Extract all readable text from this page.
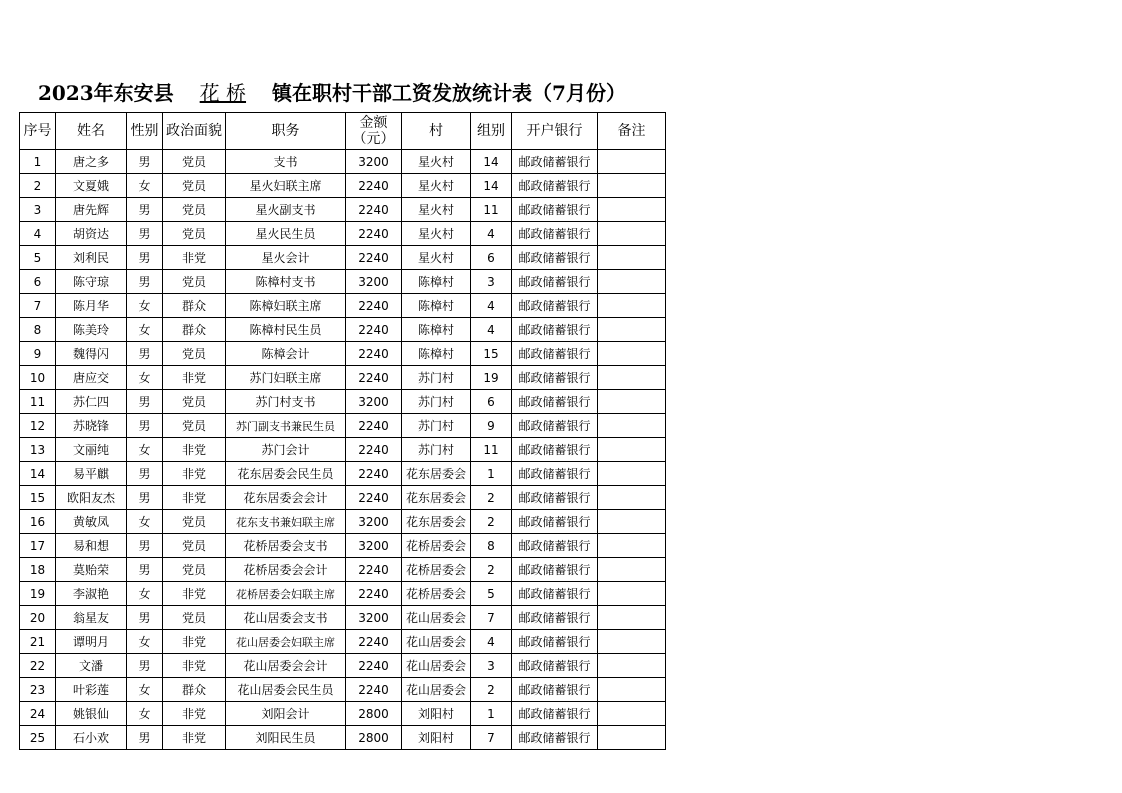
2023年东安县 花 桥 镇在职村干部工资发放统计表（7月份）
序号	姓名	性别	政治面貌	职务	金额
（元）	村	组别	开户银行	备注
1	唐之多	男	党员	支书	3200	星火村	14	邮政储蓄银行	
2	文夏娥	女	党员	星火妇联主席	2240	星火村	14	邮政储蓄银行	
3	唐先辉	男	党员	星火副支书	2240	星火村	11	邮政储蓄银行	
4	胡资达	男	党员	星火民生员	2240	星火村	4	邮政储蓄银行	
5	刘利民	男	非党	星火会计	2240	星火村	6	邮政储蓄银行	
6	陈守琼	男	党员	陈樟村支书	3200	陈樟村	3	邮政储蓄银行	
7	陈月华	女	群众	陈樟妇联主席	2240	陈樟村	4	邮政储蓄银行	
8	陈美玲	女	群众	陈樟村民生员	2240	陈樟村	4	邮政储蓄银行	
9	魏得闪	男	党员	陈樟会计	2240	陈樟村	15	邮政储蓄银行	
10	唐应交	女	非党	苏门妇联主席	2240	苏门村	19	邮政储蓄银行	
11	苏仁四	男	党员	苏门村支书	3200	苏门村	6	邮政储蓄银行	
12	苏晓锋	男	党员	苏门副支书兼民生员	2240	苏门村	9	邮政储蓄银行	
13	文丽纯	女	非党	苏门会计	2240	苏门村	11	邮政储蓄银行	
14	易平麒	男	非党	花东居委会民生员	2240	花东居委会	1	邮政储蓄银行	
15	欧阳友杰	男	非党	花东居委会会计	2240	花东居委会	2	邮政储蓄银行	
16	黄敏凤	女	党员	花东支书兼妇联主席	3200	花东居委会	2	邮政储蓄银行	
17	易和想	男	党员	花桥居委会支书	3200	花桥居委会	8	邮政储蓄银行	
18	莫贻荣	男	党员	花桥居委会会计	2240	花桥居委会	2	邮政储蓄银行	
19	李淑艳	女	非党	花桥居委会妇联主席	2240	花桥居委会	5	邮政储蓄银行	
20	翁星友	男	党员	花山居委会支书	3200	花山居委会	7	邮政储蓄银行	
21	谭明月	女	非党	花山居委会妇联主席	2240	花山居委会	4	邮政储蓄银行	
22	文潘	男	非党	花山居委会会计	2240	花山居委会	3	邮政储蓄银行	
23	叶彩莲	女	群众	花山居委会民生员	2240	花山居委会	2	邮政储蓄银行	
24	姚银仙	女	非党	刘阳会计	2800	刘阳村	1	邮政储蓄银行	
25	石小欢	男	非党	刘阳民生员	2800	刘阳村	7	邮政储蓄银行	
